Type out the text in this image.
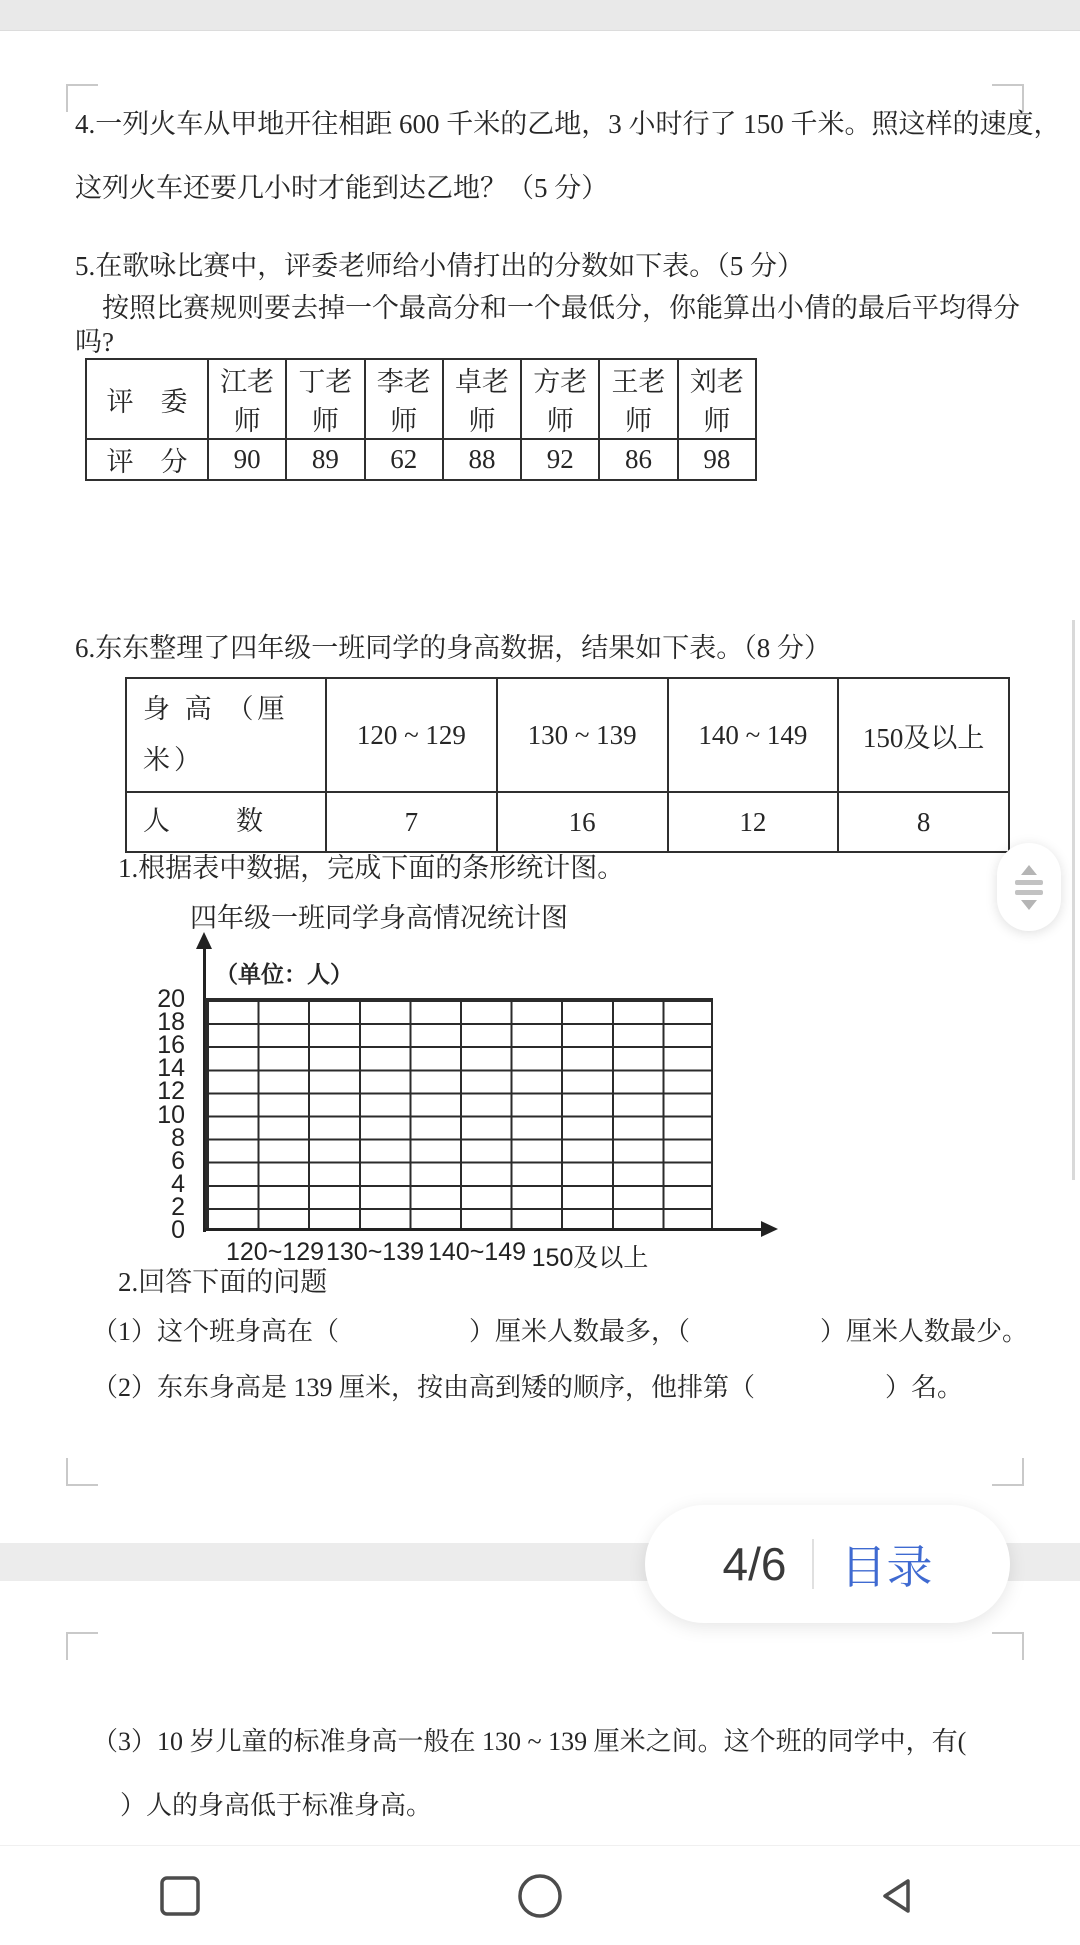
4.一列火车从甲地开往相距 600 千米的乙地，3 小时行了 150 千米。照这样的速度，
这列火车还要几小时才能到达乙地？（5 分）
5.在歌咏比赛中，评委老师给小倩打出的分数如下表。（5 分）
按照比赛规则要去掉一个最高分和一个最低分，你能算出小倩的最后平均得分
吗?
评　委	江老师	丁老师	李老师	卓老师	方老师	王老师	刘老师
评　分	90	89	62	88	92	86	98
6.东东整理了四年级一班同学的身高数据，结果如下表。（8 分）
身 高 （厘 米）	120 ~ 129	130 ~ 139	140 ~ 149	150及以上
人　　数	7	16	12	8
1.根据表中数据，完成下面的条形统计图。
四年级一班同学身高情况统计图
（单位：人）
20
18
16
14
12
10
8
6
4
2
0
120~129 130~139 140~149 150及以上
2.回答下面的问题
（1）这个班身高在（　　　　　）厘米人数最多，（　　　　　）厘米人数最少。
（2）东东身高是 139 厘米，按由高到矮的顺序，他排第（　　　　　）名。
4/6 目录
（3）10 岁儿童的标准身高一般在 130 ~ 139 厘米之间。这个班的同学中，有(
）人的身高低于标准身高。
